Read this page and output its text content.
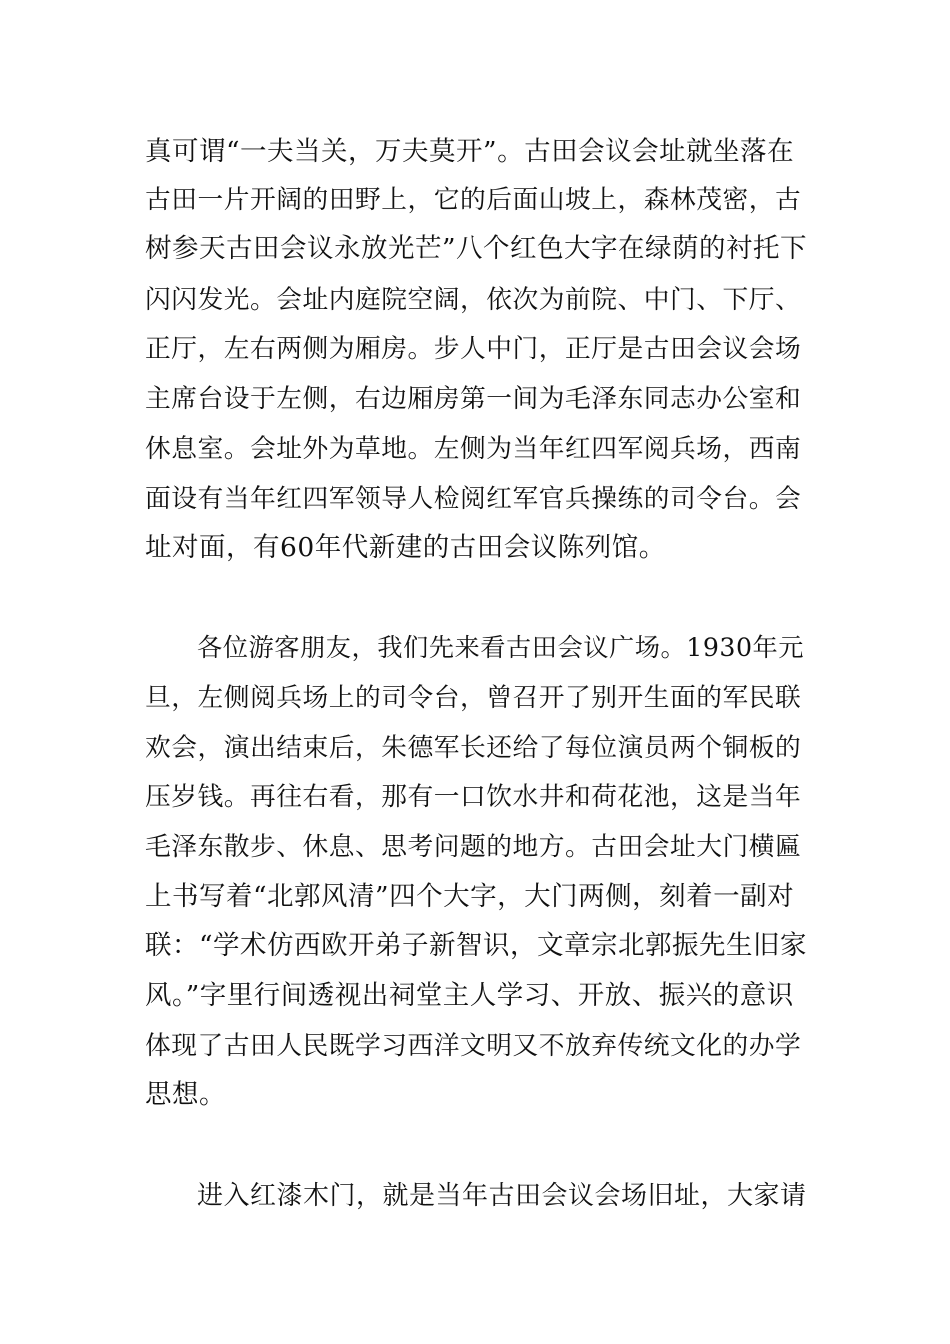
真可谓“一夫当关，万夫莫开”。古田会议会址就坐落在
古田一片开阔的田野上，它的后面山坡上，森林茂密，古
树参天古田会议永放光芒”八个红色大字在绿荫的衬托下
闪闪发光。会址内庭院空阔，依次为前院、中门、下厅、
正厅，左右两侧为厢房。步人中门，正厅是古田会议会场
主席台设于左侧，右边厢房第一间为毛泽东同志办公室和
休息室。会址外为草地。左侧为当年红四军阅兵场，西南
面设有当年红四军领导人检阅红军官兵操练的司令台。会
址对面，有60年代新建的古田会议陈列馆。
各位游客朋友，我们先来看古田会议广场。1930年元
旦，左侧阅兵场上的司令台，曾召开了别开生面的军民联
欢会，演出结束后，朱德军长还给了每位演员两个铜板的
压岁钱。再往右看，那有一口饮水井和荷花池，这是当年
毛泽东散步、休息、思考问题的地方。古田会址大门横匾
上书写着“北郭风清”四个大字，大门两侧，刻着一副对
联：“学术仿西欧开弟子新智识，文章宗北郭振先生旧家
风。”字里行间透视出祠堂主人学习、开放、振兴的意识
体现了古田人民既学习西洋文明又不放弃传统文化的办学
思想。
进入红漆木门，就是当年古田会议会场旧址，大家请
